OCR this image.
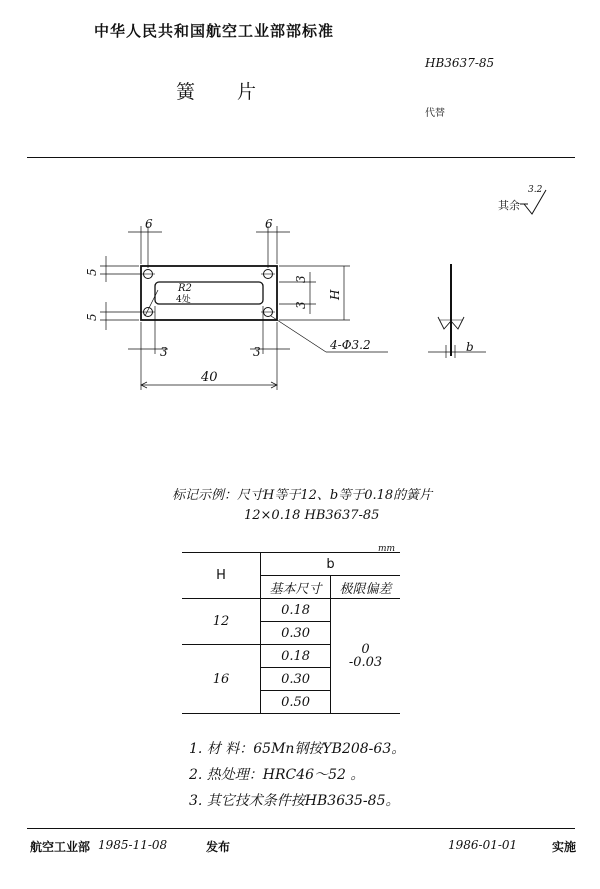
中华人民共和国航空工业部部标准
簧 片
HB3637-85
代替
其余
3.2
6	6
5
5
3
3
H
3	3
40
R2
4处
4-Φ3.2	b
标记示例：尺寸H等于12、b等于0.18的簧片
12×0.18 HB3637-85
mm
H	b	
	基本尺寸	极限偏差
12	0.18	0
-0.03

	0.30	
16	0.18	
	0.30	
	0.50	
1. 材 料：65Mn钢按YB208-63。
2. 热处理：HRC46～52 。
3. 其它技术条件按HB3635-85。
航空工业部 1985-11-08	发布	1986-01-01	实施
